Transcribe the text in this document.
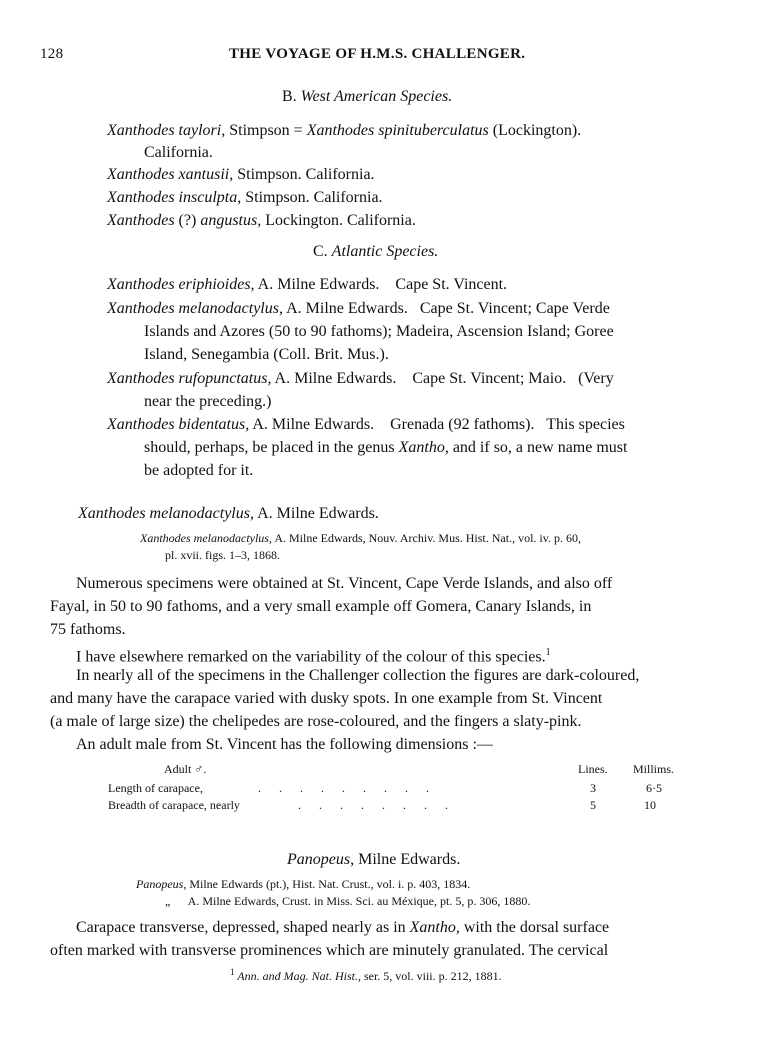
128	THE VOYAGE OF H.M.S. CHALLENGER.
B. West American Species.
Xanthodes taylori, Stimpson = Xanthodes spinituberculatus (Lockington).
California.
Xanthodes xantusii, Stimpson. California.
Xanthodes insculpta, Stimpson. California.
Xanthodes (?) angustus, Lockington. California.
C. Atlantic Species.
Xanthodes eriphioides, A. Milne Edwards.    Cape St. Vincent.
Xanthodes melanodactylus, A. Milne Edwards.   Cape St. Vincent; Cape Verde
Islands and Azores (50 to 90 fathoms); Madeira, Ascension Island; Goree
Island, Senegambia (Coll. Brit. Mus.).
Xanthodes rufopunctatus, A. Milne Edwards.    Cape St. Vincent; Maio.   (Very
near the preceding.)
Xanthodes bidentatus, A. Milne Edwards.    Grenada (92 fathoms).   This species
should, perhaps, be placed in the genus Xantho, and if so, a new name must
be adopted for it.
Xanthodes melanodactylus, A. Milne Edwards.
Xanthodes melanodactylus, A. Milne Edwards, Nouv. Archiv. Mus. Hist. Nat., vol. iv. p. 60,
pl. xvii. figs. 1–3, 1868.
Numerous specimens were obtained at St. Vincent, Cape Verde Islands, and also off
Fayal, in 50 to 90 fathoms, and a very small example off Gomera, Canary Islands, in
75 fathoms.
I have elsewhere remarked on the variability of the colour of this species.$^1$
In nearly all of the specimens in the Challenger collection the figures are dark-coloured,
and many have the carapace varied with dusky spots. In one example from St. Vincent
(a male of large size) the chelipedes are rose-coloured, and the fingers a slaty-pink.
An adult male from St. Vincent has the following dimensions :—
Adult ♂.	Lines. Millims.
Length of carapace,	.      .      .      .      .      .      .      .      .	3	6·5
Breadth of carapace, nearly	.      .      .      .      .      .      .      .	5	10
Panopeus, Milne Edwards.
Panopeus, Milne Edwards (pt.), Hist. Nat. Crust., vol. i. p. 403, 1834.
„      A. Milne Edwards, Crust. in Miss. Sci. au Méxique, pt. 5, p. 306, 1880.
Carapace transverse, depressed, shaped nearly as in Xantho, with the dorsal surface
often marked with transverse prominences which are minutely granulated. The cervical
$^1$ Ann. and Mag. Nat. Hist., ser. 5, vol. viii. p. 212, 1881.
